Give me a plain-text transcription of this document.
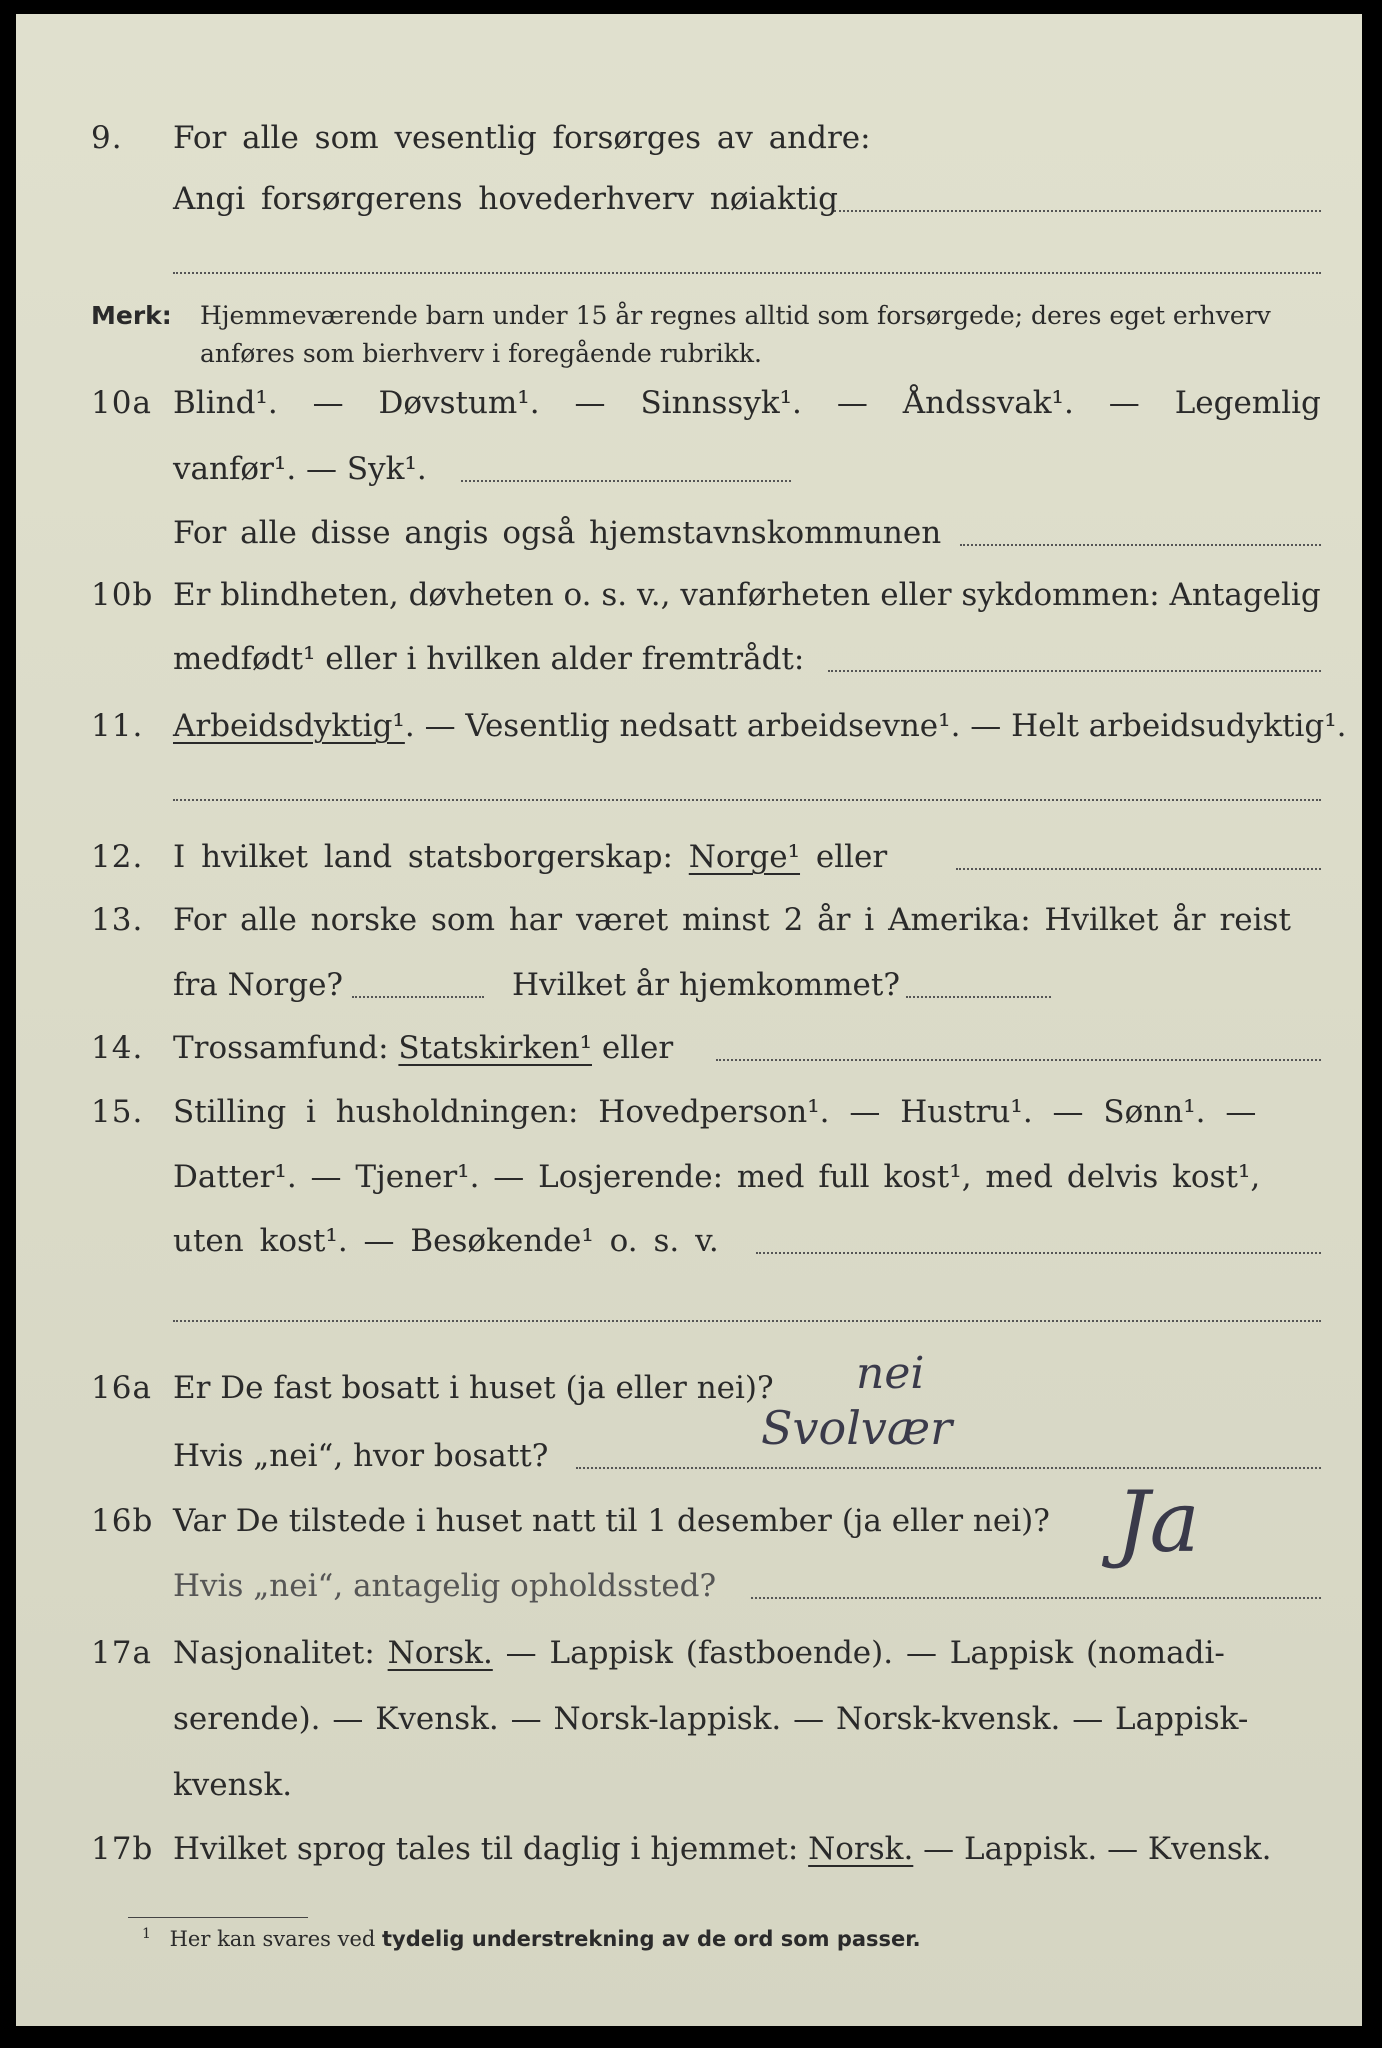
9. For alle som vesentlig forsørges av andre:
Angi forsørgerens hovederhverv nøiaktig
Merk: Hjemmeværende barn under 15 år regnes alltid som forsørgede; deres eget erhverv
anføres som bierhverv i foregående rubrikk.
10a Blind¹. — Døvstum¹. — Sinnssyk¹. — Åndssvak¹. — Legemlig
vanfør¹. — Syk¹.
For alle disse angis også hjemstavnskommunen
10b Er blindheten, døvheten o. s. v., vanførheten eller sykdommen: Antagelig
medfødt¹ eller i hvilken alder fremtrådt:
11. Arbeidsdyktig¹. — Vesentlig nedsatt arbeidsevne¹. — Helt arbeidsudyktig¹.
12. I hvilket land statsborgerskap: Norge¹ eller
13. For alle norske som har været minst 2 år i Amerika: Hvilket år reist
fra Norge?	Hvilket år hjemkommet?
14. Trossamfund: Statskirken¹ eller
15. Stilling i husholdningen: Hovedperson¹. — Hustru¹. — Sønn¹. —
Datter¹. — Tjener¹. — Losjerende: med full kost¹, med delvis kost¹,
uten kost¹. — Besøkende¹ o. s. v.
16a Er De fast bosatt i huset (ja eller nei)? nei
Hvis „nei“, hvor bosatt?
Svolvær
16b Var De tilstede i huset natt til 1 desember (ja eller nei)? Ja
Hvis „nei“, antagelig opholdssted?
17a Nasjonalitet: Norsk. — Lappisk (fastboende). — Lappisk (nomadi-
serende). — Kvensk. — Norsk-lappisk. — Norsk-kvensk. — Lappisk-
kvensk.
17b Hvilket sprog tales til daglig i hjemmet: Norsk. — Lappisk. — Kvensk.
$^1$ Her kan svares ved tydelig understrekning av de ord som passer.
